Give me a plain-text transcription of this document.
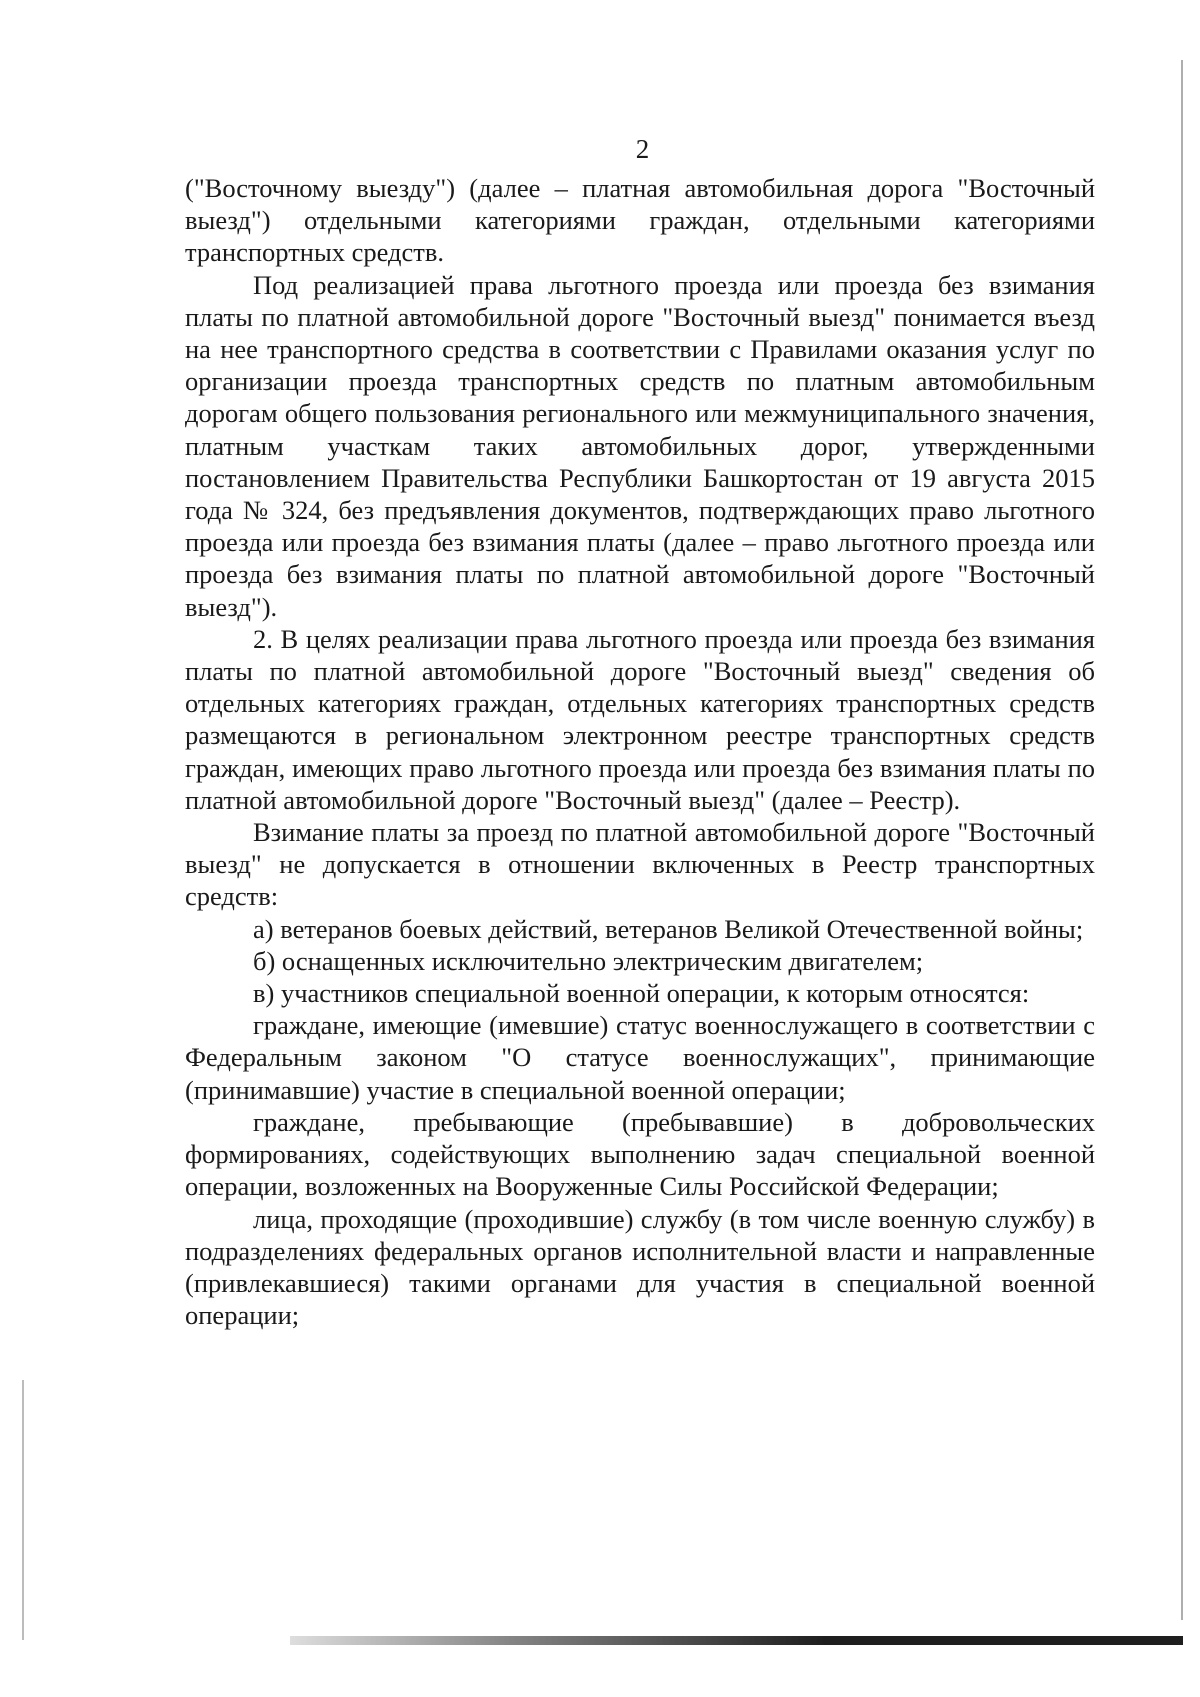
2

("Восточному выезду") (далее – платная автомобильная дорога "Восточный выезд") отдельными категориями граждан, отдельными категориями транспортных средств.

Под реализацией права льготного проезда или проезда без взимания платы по платной автомобильной дороге "Восточный выезд" понимается въезд на нее транспортного средства в соответствии с Правилами оказания услуг по организации проезда транспортных средств по платным автомобильным дорогам общего пользования регионального или межмуниципального значения, платным участкам таких автомобильных дорог, утвержденными постановлением Правительства Республики Башкортостан от 19 августа 2015 года № 324, без предъявления документов, подтверждающих право льготного проезда или проезда без взимания платы (далее – право льготного проезда или проезда без взимания платы по платной автомобильной дороге "Восточный выезд").

2. В целях реализации права льготного проезда или проезда без взимания платы по платной автомобильной дороге "Восточный выезд" сведения об отдельных категориях граждан, отдельных категориях транспортных средств размещаются в региональном электронном реестре транспортных средств граждан, имеющих право льготного проезда или проезда без взимания платы по платной автомобильной дороге "Восточный выезд" (далее – Реестр).

Взимание платы за проезд по платной автомобильной дороге "Восточный выезд" не допускается в отношении включенных в Реестр транспортных средств:

а) ветеранов боевых действий, ветеранов Великой Отечественной войны;

б) оснащенных исключительно электрическим двигателем;

в) участников специальной военной операции, к которым относятся:

граждане, имеющие (имевшие) статус военнослужащего в соответствии с Федеральным законом "О статусе военнослужащих", принимающие (принимавшие) участие в специальной военной операции;

граждане, пребывающие (пребывавшие) в добровольческих формированиях, содействующих выполнению задач специальной военной операции, возложенных на Вооруженные Силы Российской Федерации;

лица, проходящие (проходившие) службу (в том числе военную службу) в подразделениях федеральных органов исполнительной власти и направленные (привлекавшиеся) такими органами для участия в специальной военной операции;
